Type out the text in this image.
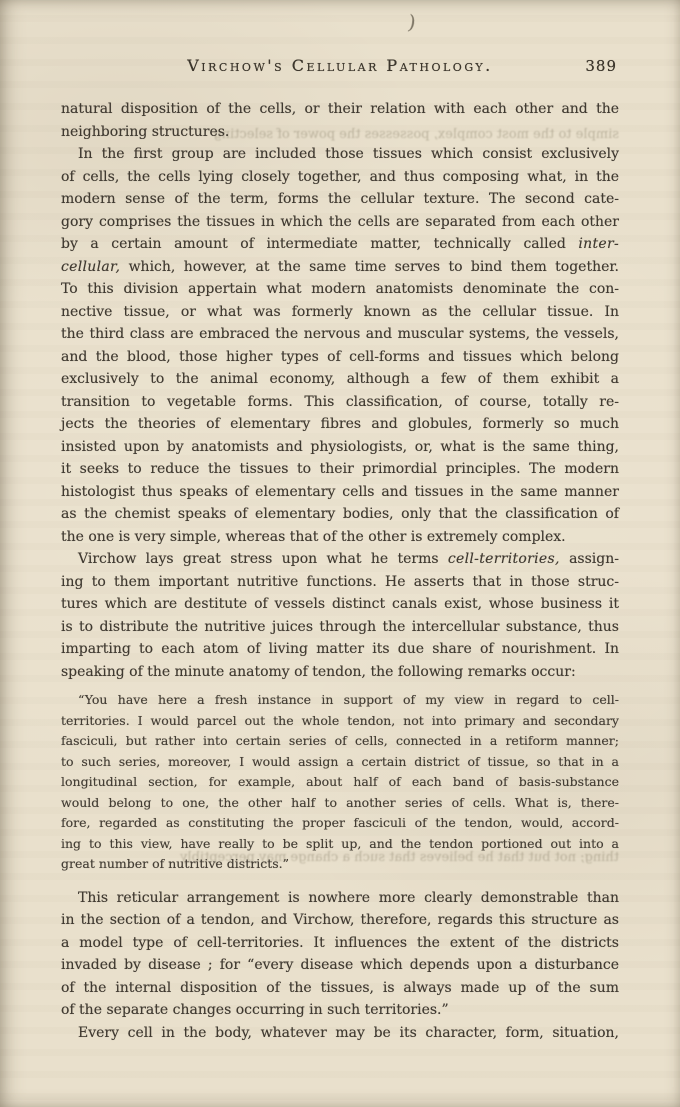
)
Virchow's Cellular Pathology.	389
simple to the most complex, possesses the power of selecting
thing; not but that he believes that such a change may perceptibly
natural disposition of the cells, or their relation with each other and the
neighboring structures.
In the first group are included those tissues which consist exclusively
of cells, the cells lying closely together, and thus composing what, in the
modern sense of the term, forms the cellular texture. The second cate-
gory comprises the tissues in which the cells are separated from each other
by a certain amount of intermediate matter, technically called inter-
cellular, which, however, at the same time serves to bind them together.
To this division appertain what modern anatomists denominate the con-
nective tissue, or what was formerly known as the cellular tissue. In
the third class are embraced the nervous and muscular systems, the vessels,
and the blood, those higher types of cell-forms and tissues which belong
exclusively to the animal economy, although a few of them exhibit a
transition to vegetable forms. This classification, of course, totally re-
jects the theories of elementary fibres and globules, formerly so much
insisted upon by anatomists and physiologists, or, what is the same thing,
it seeks to reduce the tissues to their primordial principles. The modern
histologist thus speaks of elementary cells and tissues in the same manner
as the chemist speaks of elementary bodies, only that the classification of
the one is very simple, whereas that of the other is extremely complex.
Virchow lays great stress upon what he terms cell-territories, assign-
ing to them important nutritive functions. He asserts that in those struc-
tures which are destitute of vessels distinct canals exist, whose business it
is to distribute the nutritive juices through the intercellular substance, thus
imparting to each atom of living matter its due share of nourishment. In
speaking of the minute anatomy of tendon, the following remarks occur:
“You have here a fresh instance in support of my view in regard to cell-
territories. I would parcel out the whole tendon, not into primary and secondary
fasciculi, but rather into certain series of cells, connected in a retiform manner;
to such series, moreover, I would assign a certain district of tissue, so that in a
longitudinal section, for example, about half of each band of basis-substance
would belong to one, the other half to another series of cells. What is, there-
fore, regarded as constituting the proper fasciculi of the tendon, would, accord-
ing to this view, have really to be split up, and the tendon portioned out into a
great number of nutritive districts.”
This reticular arrangement is nowhere more clearly demonstrable than
in the section of a tendon, and Virchow, therefore, regards this structure as
a model type of cell-territories. It influences the extent of the districts
invaded by disease ; for “every disease which depends upon a disturbance
of the internal disposition of the tissues, is always made up of the sum
of the separate changes occurring in such territories.”
Every cell in the body, whatever may be its character, form, situation,
